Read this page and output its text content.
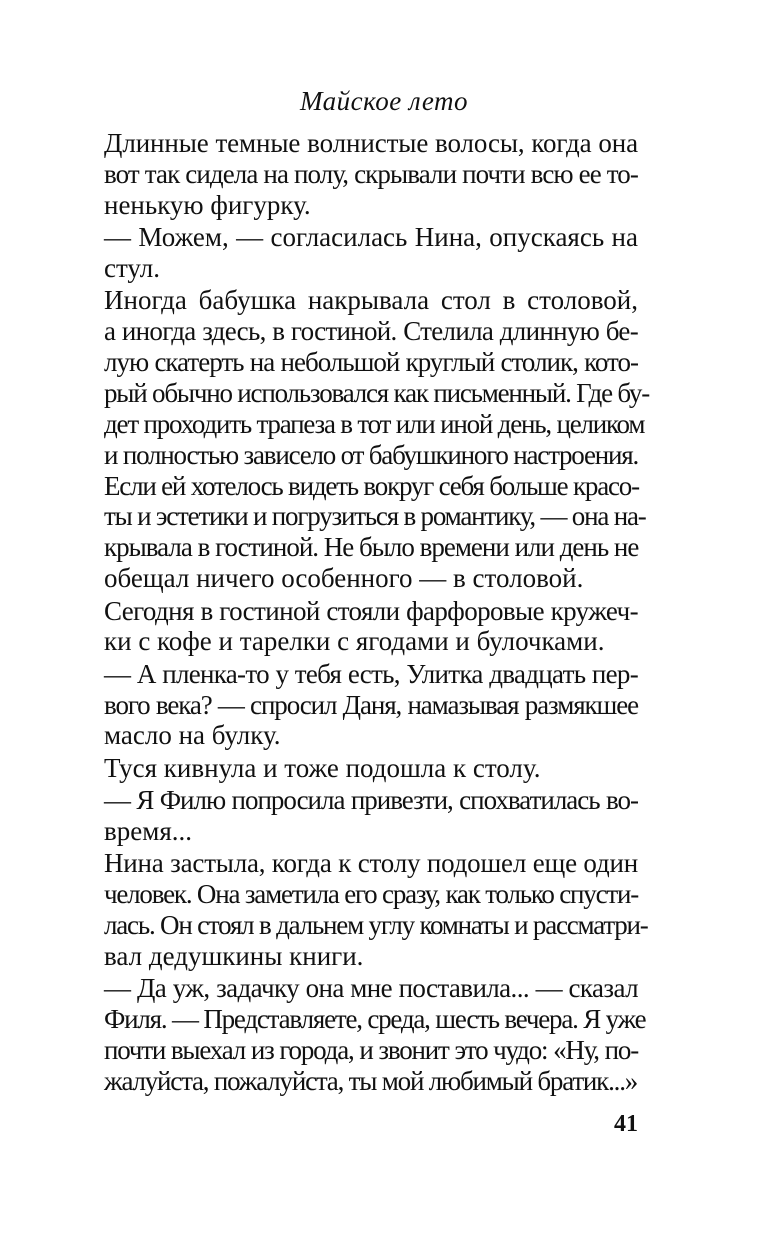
Майское лето
Длинные темные волнистые волосы, когда она
вот так сидела на полу, скрывали почти всю ее то-
ненькую фигурку.
— Можем, — согласилась Нина, опускаясь на
стул.
Иногда бабушка накрывала стол в столовой,
а иногда здесь, в гостиной. Стелила длинную бе-
лую скатерть на небольшой круглый столик, кото-
рый обычно использовался как письменный. Где бу-
дет проходить трапеза в тот или иной день, целиком
и полностью зависело от бабушкиного настроения.
Если ей хотелось видеть вокруг себя больше красо-
ты и эстетики и погрузиться в романтику, — она на-
крывала в гостиной. Не было времени или день не
обещал ничего особенного — в столовой.
Сегодня в гостиной стояли фарфоровые кружеч-
ки с кофе и тарелки с ягодами и булочками.
— А пленка-то у тебя есть, Улитка двадцать пер-
вого века? — спросил Даня, намазывая размякшее
масло на булку.
Туся кивнула и тоже подошла к столу.
— Я Филю попросила привезти, спохватилась во-
время...
Нина застыла, когда к столу подошел еще один
человек. Она заметила его сразу, как только спусти-
лась. Он стоял в дальнем углу комнаты и рассматри-
вал дедушкины книги.
— Да уж, задачку она мне поставила... — сказал
Филя. — Представляете, среда, шесть вечера. Я уже
почти выехал из города, и звонит это чудо: «Ну, по-
жалуйста, пожалуйста, ты мой любимый братик...»
41
